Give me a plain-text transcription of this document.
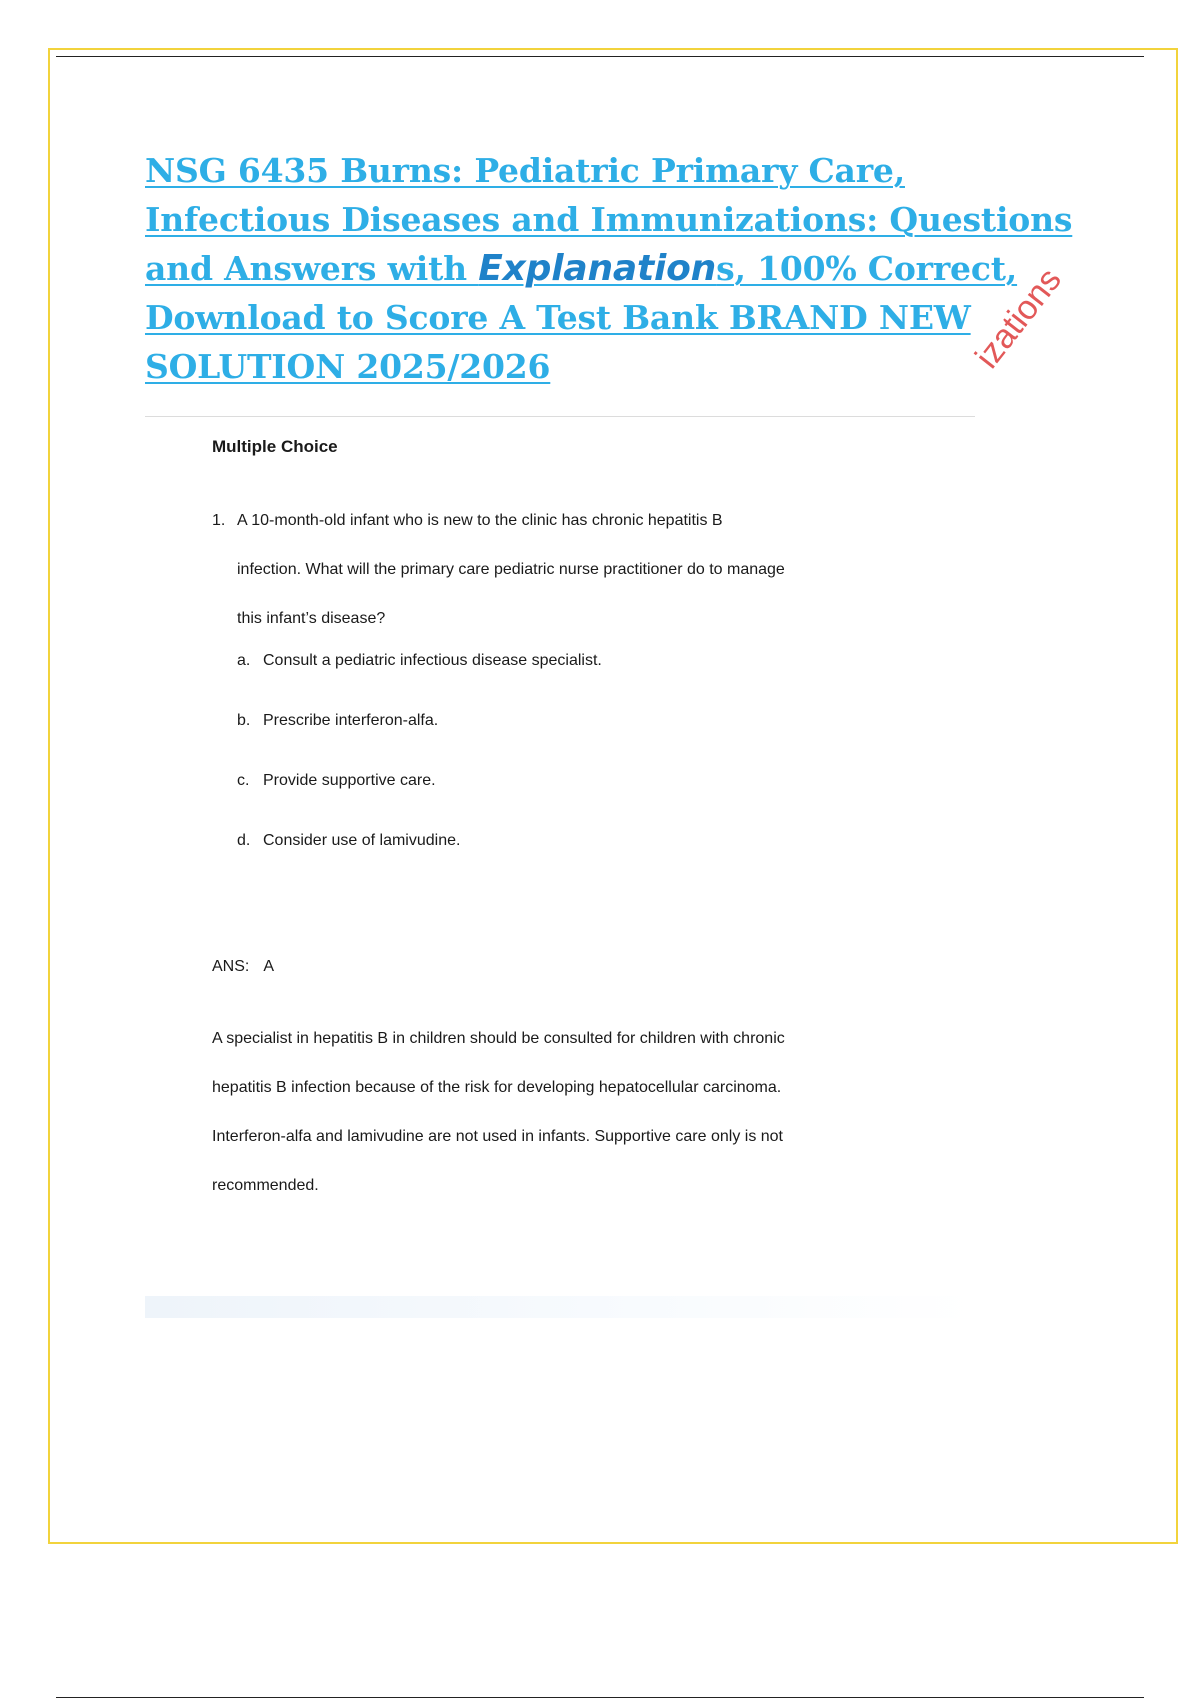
NSG 6435 Burns: Pediatric Primary Care, Infectious Diseases and Immunizations: Questions and Answers with Explanations, 100% Correct, Download to Score A Test Bank BRAND NEW SOLUTION 2025/2026	izations

Multiple Choice

1. A 10-month-old infant who is new to the clinic has chronic hepatitis B
infection. What will the primary care pediatric nurse practitioner do to manage
this infant’s disease?

a. Consult a pediatric infectious disease specialist.
b. Prescribe interferon-alfa.
c. Provide supportive care.
d. Consider use of lamivudine.

ANS: A

A specialist in hepatitis B in children should be consulted for children with chronic
hepatitis B infection because of the risk for developing hepatocellular carcinoma.
Interferon-alfa and lamivudine are not used in infants. Supportive care only is not
recommended.
